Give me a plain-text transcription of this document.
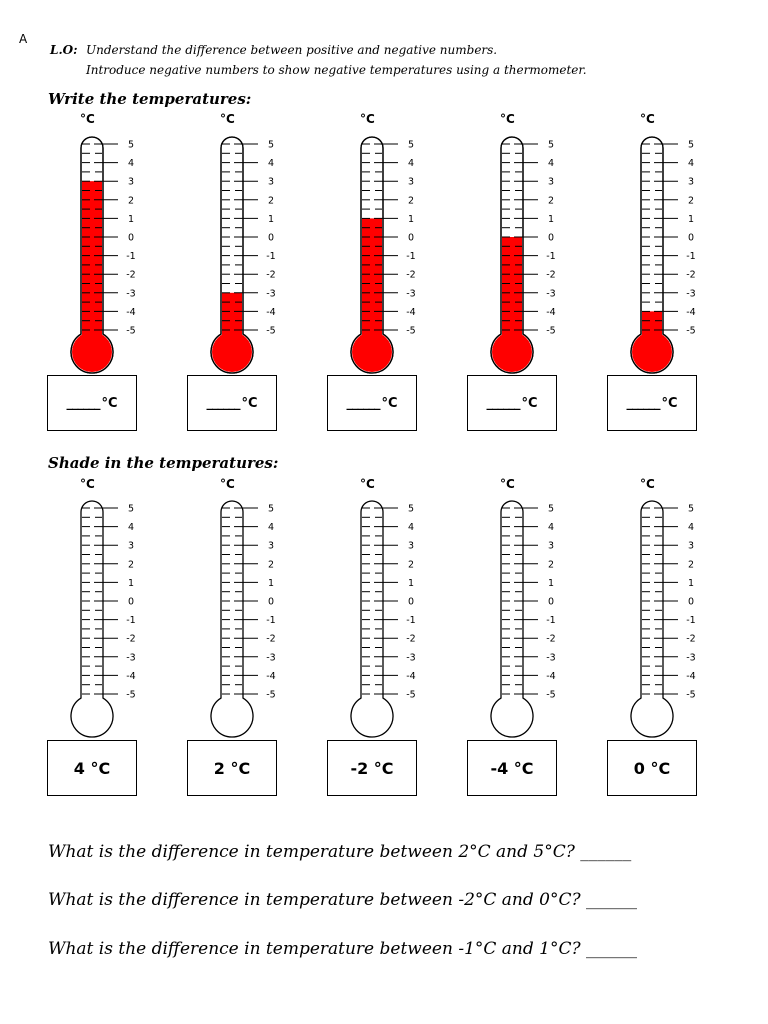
A
L.O: Understand the difference between positive and negative numbers.
Introduce negative numbers to show negative temperatures using a thermometer.
Write the temperatures:
Shade in the temperatures:
°C
5
4
3
2
1
0
-1
-2
-3
-4
-5
______ °C
°C
5
4
3
2
1
0
-1
-2
-3
-4
-5
______ °C
°C
5
4
3
2
1
0
-1
-2
-3
-4
-5
______ °C
°C
5
4
3
2
1
0
-1
-2
-3
-4
-5
______ °C
°C
5
4
3
2
1
0
-1
-2
-3
-4
-5
______ °C
°C
5
4
3
2
1
0
-1
-2
-3
-4
-5
4 °C
°C
5
4
3
2
1
0
-1
-2
-3
-4
-5
2 °C
°C
5
4
3
2
1
0
-1
-2
-3
-4
-5
-2 °C
°C
5
4
3
2
1
0
-1
-2
-3
-4
-5
-4 °C
°C
5
4
3
2
1
0
-1
-2
-3
-4
-5
0 °C
What is the difference in temperature between 2°C and 5°C? ______
What is the difference in temperature between -2°C and 0°C? ______
What is the difference in temperature between -1°C and 1°C? ______
